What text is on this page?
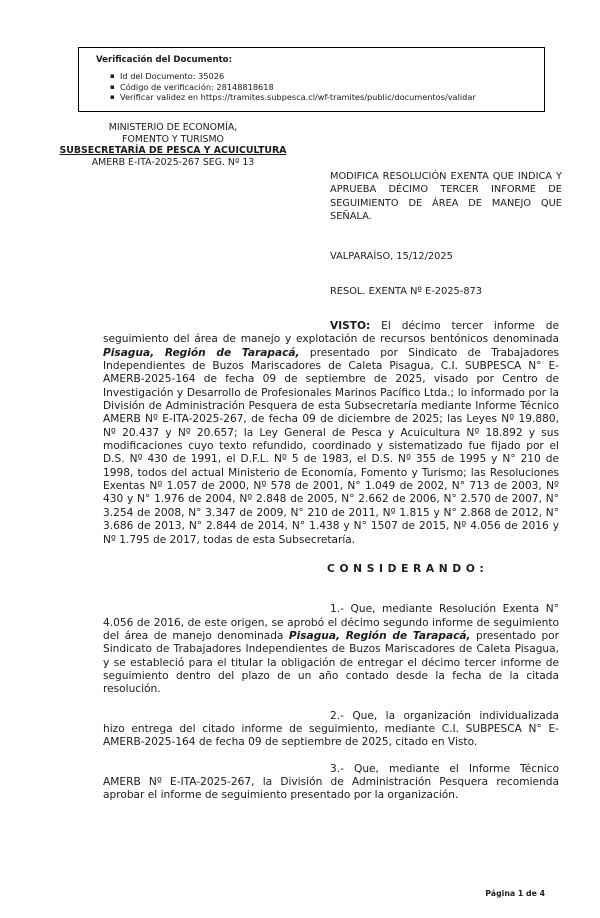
Verificación del Documento:
▪ Id del Documento: 35026
▪ Código de verificación: 28148818618
▪ Verificar validez en https://tramites.subpesca.cl/wf-tramites/public/documentos/validar
MINISTERIO DE ECONOMÍA,
FOMENTO Y TURISMO
SUBSECRETARÍA DE PESCA Y ACUICULTURA
AMERB E-ITA-2025-267 SEG. Nº 13
MODIFICA RESOLUCIÓN EXENTA QUE INDICA Y APRUEBA DÉCIMO TERCER INFORME DE SEGUIMIENTO DE ÁREA DE MANEJO QUE SEÑALA.
VALPARAÍSO, 15/12/2025
RESOL. EXENTA Nº E-2025-873

VISTO: El décimo tercer informe de seguimiento del área de manejo y explotación de recursos bentónicos denominada Pisagua, Región de Tarapacá, presentado por Sindicato de Trabajadores Independientes de Buzos Mariscadores de Caleta Pisagua, C.I. SUBPESCA N° E-AMERB-2025-164 de fecha 09 de septiembre de 2025, visado por Centro de Investigación y Desarrollo de Profesionales Marinos Pacífico Ltda.; lo informado por la División de Administración Pesquera de esta Subsecretaría mediante Informe Técnico AMERB Nº E-ITA-2025-267, de fecha 09 de diciembre de 2025; las Leyes Nº 19.880, Nº 20.437 y Nº 20.657; la Ley General de Pesca y Acuicultura Nº 18.892 y sus modificaciones cuyo texto refundido, coordinado y sistematizado fue fijado por el D.S. Nº 430 de 1991, el D.F.L. Nº 5 de 1983, el D.S. Nº 355 de 1995 y N° 210 de 1998, todos del actual Ministerio de Economía, Fomento y Turismo; las Resoluciones Exentas Nº 1.057 de 2000, Nº 578 de 2001, N° 1.049 de 2002, N° 713 de 2003, Nº 430 y N° 1.976 de 2004, Nº 2.848 de 2005, N° 2.662 de 2006, N° 2.570 de 2007, N° 3.254 de 2008, N° 3.347 de 2009, N° 210 de 2011, Nº 1.815 y N° 2.868 de 2012, N° 3.686 de 2013, N° 2.844 de 2014, N° 1.438 y N° 1507 de 2015, Nº 4.056 de 2016 y Nº 1.795 de 2017, todas de esta Subsecretaría.

C O N S I D E R A N D O :

1.- Que, mediante Resolución Exenta N° 4.056 de 2016, de este origen, se aprobó el décimo segundo informe de seguimiento del área de manejo denominada Pisagua, Región de Tarapacá, presentado por Sindicato de Trabajadores Independientes de Buzos Mariscadores de Caleta Pisagua, y se estableció para el titular la obligación de entregar el décimo tercer informe de seguimiento dentro del plazo de un año contado desde la fecha de la citada resolución.

2.- Que, la organización individualizada hizo entrega del citado informe de seguimiento, mediante C.I. SUBPESCA N° E-AMERB-2025-164 de fecha 09 de septiembre de 2025, citado en Visto.

3.- Que, mediante el Informe Técnico AMERB Nº E-ITA-2025-267, la División de Administración Pesquera recomienda aprobar el informe de seguimiento presentado por la organización.

Página 1 de 4
